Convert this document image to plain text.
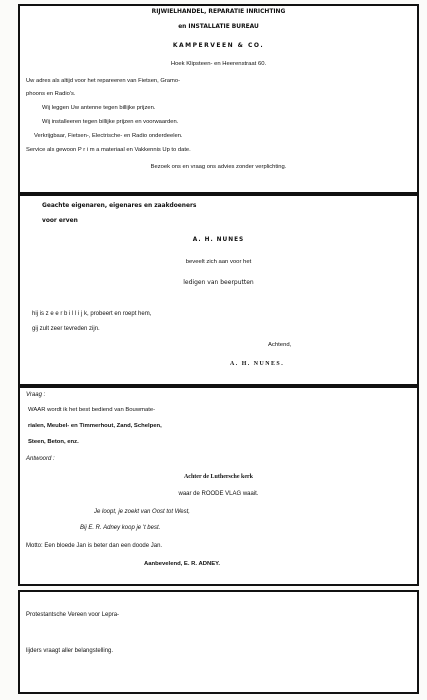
RIJWIELHANDEL, REPARATIE INRICHTING
en INSTALLATIE BUREAU
KAMPERVEEN & CO.
Hoek Klipsteen- en Heerenstraat 60.
Uw adres als altijd voor het repareeren van Fietsen, Gramo-
phoons en Radio's.
Wij leggen Uw antenne tegen billijke prijzen.
Wij installeeren tegen billijke prijzen en voorwaarden.
Verkrijgbaar, Fietsen-, Electrische- en Radio onderdeelen.
Service als gewoon P r i m a materiaal en Vakkennis Up to date.
Bezoek ons en vraag ons advies zonder verplichting.
Geachte eigenaren, eigenares en zaakdoeners
voor erven
A. H. NUNES
beveelt zich aan voor het
ledigen van beerputten
hij is z e e r b i l l i j k, probeert en roept hem,
gij zult zeer tevreden zijn.
Achtend,
A. H. NUNES.
Vraag :
WAAR wordt ik het best bediend van Bouwmate-
rialen, Meubel- en Timmerhout, Zand, Schelpen,
Steen, Beton, enz.
Antwoord :
Achter de Luthersche kerk
waar de ROODE VLAG waait.
Je loopt, je zoekt van Oost tot West,
Bij E. R. Adney koop je 't best.
Motto: Een bloede Jan is beter dan een doode Jan.
Aanbevelend, E. R. ADNEY.
Protestantsche Vereen voor Lepra-
lijders vraagt aller belangstelling.
